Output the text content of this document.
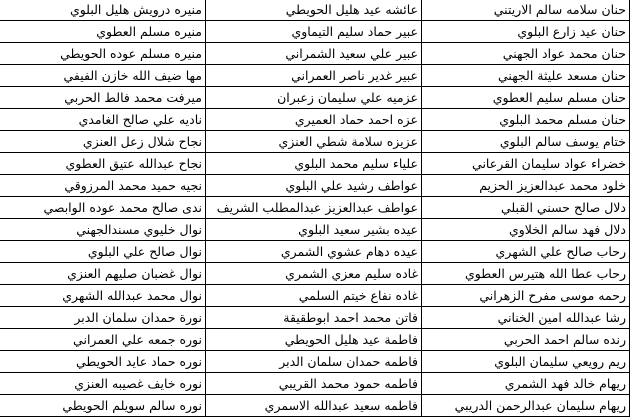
حنان سلامه سالم الاريتني	عائشه عيد هليل الحويطي	منيره درويش هليل البلوي
حنان عيد زارع البلوي	عبير حماد سليم التيماوي	منيره مسلم العطوي
حنان محمد عواد الجهني	عبير علي سعيد الشمراني	منيره مسلم عوده الحويطي
حنان مسعد عليثة الجهني	عبير غدير ناصر العمراني	مها ضيف الله خازن الفيفي
حنان مسلم سليم العطوي	عزميه علي سليمان زعبران	ميرفت محمد فالط الحربي
حنان مسلم محمد البلوي	عزه احمد حماد العميري	ناديه علي صالح الغامدي
ختام يوسف سالم البلوي	عزيزه سلامة شطي العنزي	نجاح شلال زعل العنزي
خضراء عواد سليمان القرعاني	علياء سليم محمد البلوي	نجاح عبدالله عتيق العطوي
خلود محمد عبدالعزيز الحزيم	عواطف رشيد علي البلوي	نجيه حميد محمد المرزوقي
دلال صالح حسني القبلي	عواطف عبدالعزيز عبدالمطلب الشريف	ندى صالح محمد عوده الوابصي
دلال فهد سالم الخلاوي	عيده بشير سعيد البلوي	نوال خليوي مسندالجهني
رحاب صالح علي الشهري	عيده دهام عشوي الشمري	نوال صالح علي البلوي
رحاب عطا الله هتيرس العطوي	غاده سليم معزي الشمري	نوال غضبان صليهم العنزي
رحمه موسى مفرح الزهراني	غاده نفاع خيتم السلمي	نوال محمد عبدالله الشهري
رشا عبدالله امين الخناني	فاتن محمد احمد ابوطقيقة	نورة حمدان سلمان الدبر
رنده سالم احمد الحربي	فاطمة عيد هليل الحويطي	نوره جمعه علي العمراني
ريم رويعي سليمان البلوي	فاطمه حمدان سلمان الدبر	نوره حماد عايد الحويطي
ريهام خالد فهد الشمري	فاطمه حمود محمد القريبي	نوره خايف غصيبه العنزي
ريهام سليمان عبدالرحمن الدريبي	فاطمه سعيد عبدالله الاسمري	نوره سالم سويلم الحويطي
